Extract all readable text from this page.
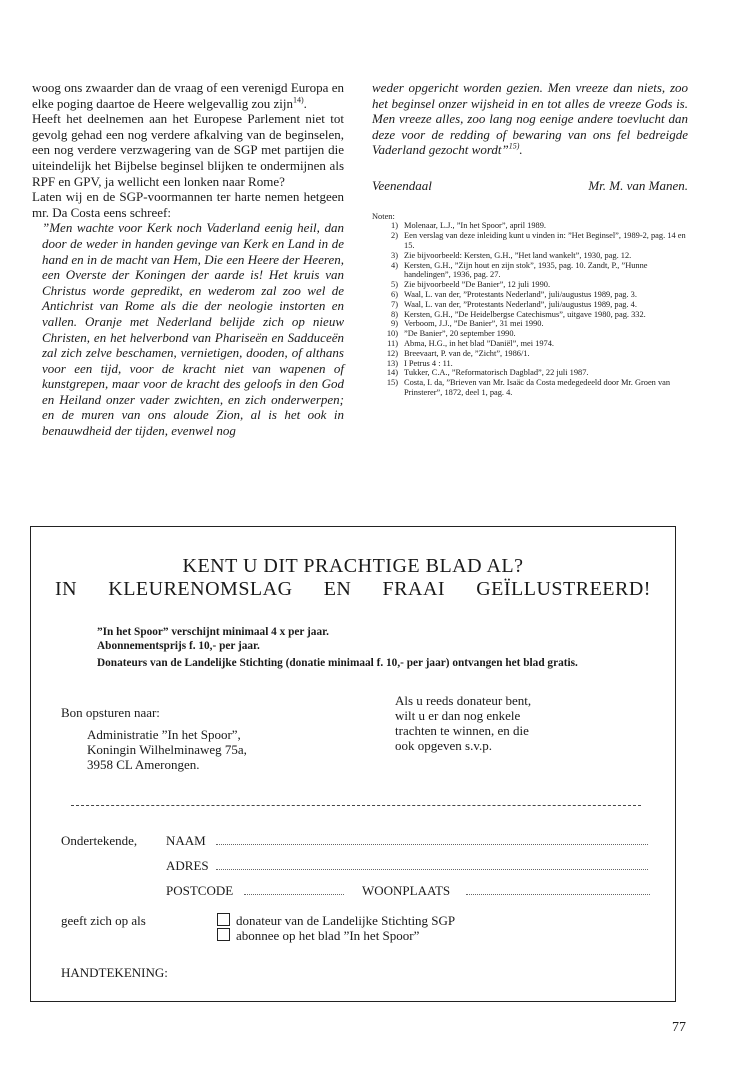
woog ons zwaarder dan de vraag of een verenigd Europa en elke poging daartoe de Heere welgevallig zou zijn$^{14)}$.

Heeft het deelnemen aan het Europese Parlement niet tot gevolg gehad een nog verdere afkalving van de beginselen, een nog verdere verzwagering van de SGP met partijen die uiteindelijk het Bijbelse beginsel blijken te ondermijnen als RPF en GPV, ja wellicht een lonken naar Rome?

Laten wij en de SGP-voormannen ter harte nemen hetgeen mr. Da Costa eens schreef:

”Men wachte voor Kerk noch Vaderland eenig heil, dan door de weder in handen gevinge van Kerk en Land in de hand en in de macht van Hem, Die een Heere der Heeren, een Overste der Koningen der aarde is! Het kruis van Christus worde gepredikt, en wederom zal zoo wel de Antichrist van Rome als die der neologie instorten en vallen. Oranje met Nederland belijde zich op nieuw Christen, en het helverbond van Phariseën en Sadduceën zal zich zelve beschamen, vernietigen, dooden, of althans voor een tijd, voor de kracht niet van wapenen of kunstgrepen, maar voor de kracht des geloofs in den God en Heiland onzer vader zwichten, en zich onderwerpen; en de muren van ons aloude Zion, al is het ook in benauwdheid der tijden, evenwel nog

weder opgericht worden gezien. Men vreeze dan niets, zoo het beginsel onzer wijsheid in en tot alles de vreeze Gods is. Men vreeze alles, zoo lang nog eenige andere toevlucht dan deze voor de redding of bewaring van ons fel bedreigde Vaderland gezocht wordt”$^{15)}$.

Veenendaal	Mr. M. van Manen.
Noten:
1) Molenaar, L.J., ”In het Spoor”, april 1989.
2) Een verslag van deze inleiding kunt u vinden in: ”Het Beginsel”, 1989-2, pag. 14 en 15.
3) Zie bijvoorbeeld: Kersten, G.H., ”Het land wankelt”, 1930, pag. 12.
4) Kersten, G.H., ”Zijn hout en zijn stok”, 1935, pag. 10. Zandt, P., ”Hunne handelingen”, 1936, pag. 27.
5) Zie bijvoorbeeld ”De Banier”, 12 juli 1990.
6) Waal, L. van der, ”Protestants Nederland”, juli/augustus 1989, pag. 3.
7) Waal, L. van der, ”Protestants Nederland”, juli/augustus 1989, pag. 4.
8) Kersten, G.H., ”De Heidelbergse Catechismus”, uitgave 1980, pag. 332.
9) Verboom, J.J., ”De Banier”, 31 mei 1990.
10) ”De Banier”, 20 september 1990.
11) Abma, H.G., in het blad ”Daniël”, mei 1974.
12) Breevaart, P. van de, ”Zicht”, 1986/1.
13) I Petrus 4 : 11.
14) Tukker, C.A., ”Reformatorisch Dagblad”, 22 juli 1987.
15) Costa, I. da, ”Brieven van Mr. Isaäc da Costa medegedeeld door Mr. Groen van Prinsterer”, 1872, deel 1, pag. 4.
KENT U DIT PRACHTIGE BLAD AL?
IN KLEURENOMSLAG EN FRAAI GEÏLLUSTREERD!
”In het Spoor” verschijnt minimaal 4 x per jaar.
Abonnementsprijs f. 10,- per jaar.
Donateurs van de Landelijke Stichting (donatie minimaal f. 10,- per jaar) ontvangen het blad gratis.
Bon opsturen naar:
Administratie ”In het Spoor”,
Koningin Wilhelminaweg 75a,
3958 CL Amerongen.
Als u reeds donateur bent,
wilt u er dan nog enkele
trachten te winnen, en die
ook opgeven s.v.p.
Ondertekende,	NAAM
ADRES
POSTCODE	WOONPLAATS
geeft zich op als	donateur van de Landelijke Stichting SGP
abonnee op het blad ”In het Spoor”
HANDTEKENING:
77
